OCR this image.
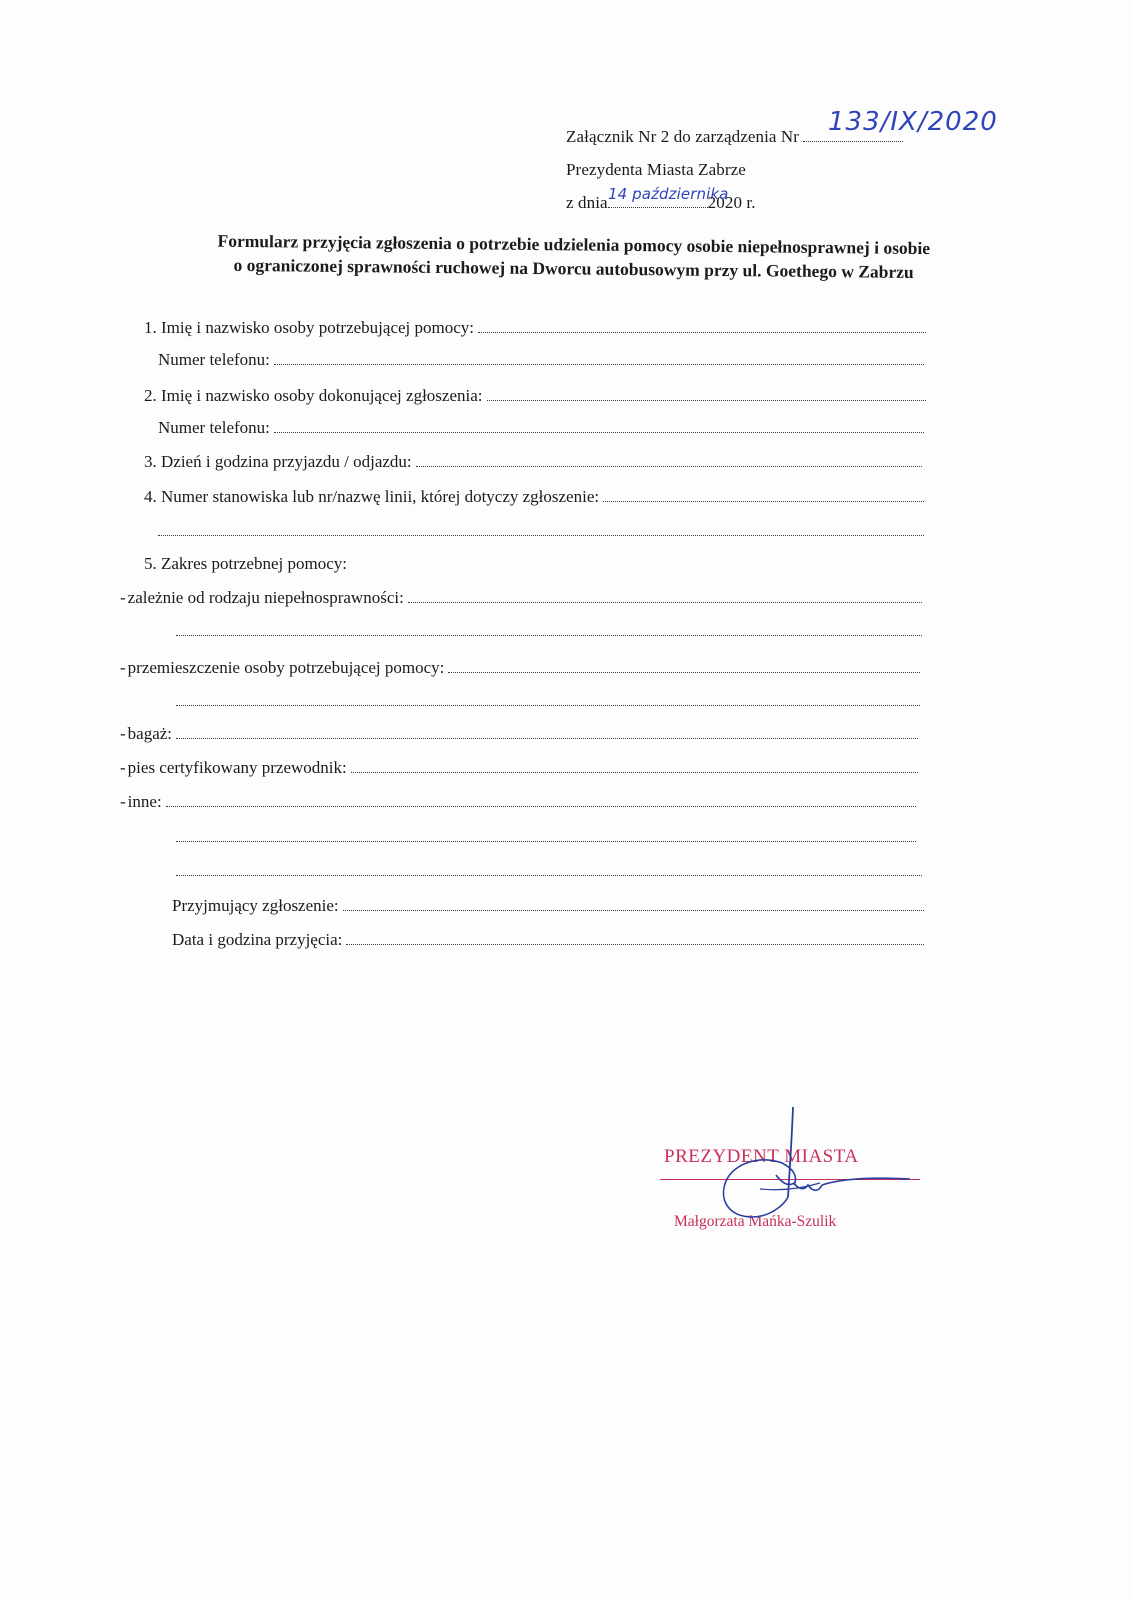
Załącznik Nr 2 do zarządzenia Nr 133/IX/2020
Prezydenta Miasta Zabrze
z dnia	2020 r.
14 października
Formularz przyjęcia zgłoszenia o potrzebie udzielenia pomocy osobie niepełnosprawnej i osobie
o ograniczonej sprawności ruchowej na Dworcu autobusowym przy ul. Goethego w Zabrzu
1. Imię i nazwisko osoby potrzebującej pomocy:
Numer telefonu:
2. Imię i nazwisko osoby dokonującej zgłoszenia:
Numer telefonu:
3. Dzień i godzina przyjazdu / odjazdu:
4. Numer stanowiska lub nr/nazwę linii, której dotyczy zgłoszenie:
5. Zakres potrzebnej pomocy:
- zależnie od rodzaju niepełnosprawności:
- przemieszczenie osoby potrzebującej pomocy:
- bagaż:
- pies certyfikowany przewodnik:
- inne:
Przyjmujący zgłoszenie:
Data i godzina przyjęcia:
PREZYDENT MIASTA
Małgorzata Mańka-Szulik
